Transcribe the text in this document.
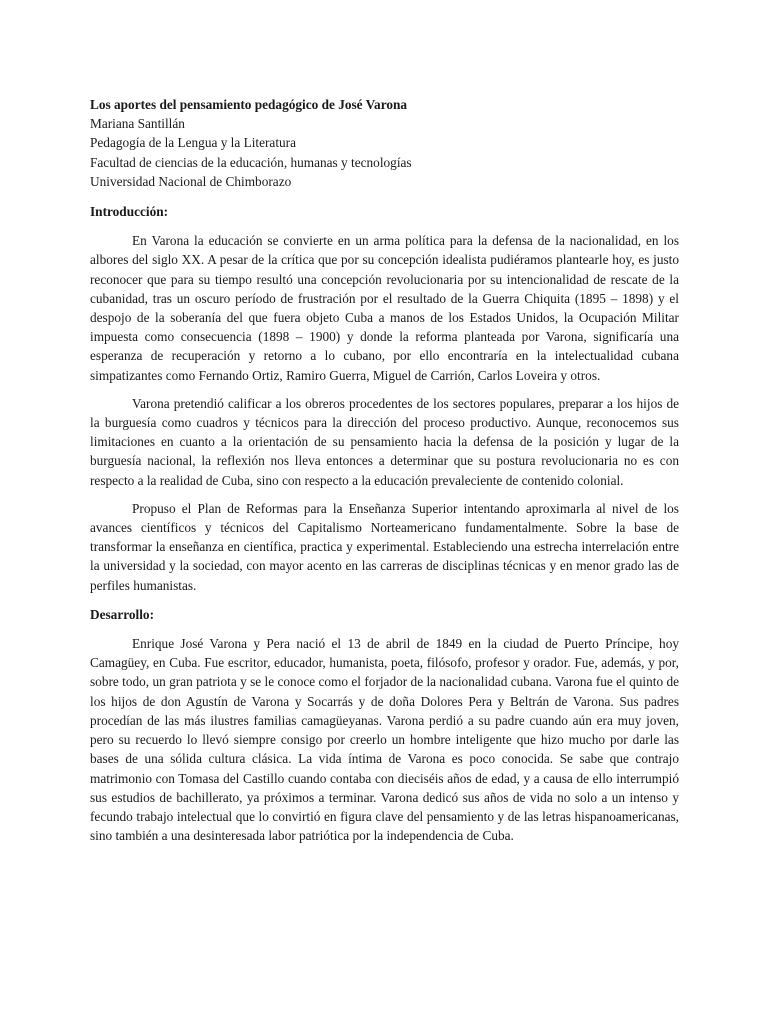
Los aportes del pensamiento pedagógico de José Varona

Mariana Santillán

Pedagogía de la Lengua y la Literatura

Facultad de ciencias de la educación, humanas y tecnologías

Universidad Nacional de Chimborazo

Introducción:

En Varona la educación se convierte en un arma política para la defensa de la nacionalidad, en los albores del siglo XX. A pesar de la crítica que por su concepción idealista pudiéramos plantearle hoy, es justo reconocer que para su tiempo resultó una concepción revolucionaria por su intencionalidad de rescate de la cubanidad, tras un oscuro período de frustración por el resultado de la Guerra Chiquita (1895 – 1898) y el despojo de la soberanía del que fuera objeto Cuba a manos de los Estados Unidos, la Ocupación Militar impuesta como consecuencia (1898 – 1900) y donde la reforma planteada por Varona, significaría una esperanza de recuperación y retorno a lo cubano, por ello encontraría en la intelectualidad cubana simpatizantes como Fernando Ortiz, Ramiro Guerra, Miguel de Carrión, Carlos Loveira y otros.

Varona pretendió calificar a los obreros procedentes de los sectores populares, preparar a los hijos de la burguesía como cuadros y técnicos para la dirección del proceso productivo. Aunque, reconocemos sus limitaciones en cuanto a la orientación de su pensamiento hacia la defensa de la posición y lugar de la burguesía nacional, la reflexión nos lleva entonces a determinar que su postura revolucionaria no es con respecto a la realidad de Cuba, sino con respecto a la educación prevaleciente de contenido colonial.

Propuso el Plan de Reformas para la Enseñanza Superior intentando aproximarla al nivel de los avances científicos y técnicos del Capitalismo Norteamericano fundamentalmente. Sobre la base de transformar la enseñanza en científica, practica y experimental. Estableciendo una estrecha interrelación entre la universidad y la sociedad, con mayor acento en las carreras de disciplinas técnicas y en menor grado las de perfiles humanistas.

Desarrollo:

Enrique José Varona y Pera nació el 13 de abril de 1849 en la ciudad de Puerto Príncipe, hoy Camagüey, en Cuba. Fue escritor, educador, humanista, poeta, filósofo, profesor y orador. Fue, además, y por, sobre todo, un gran patriota y se le conoce como el forjador de la nacionalidad cubana. Varona fue el quinto de los hijos de don Agustín de Varona y Socarrás y de doña Dolores Pera y Beltrán de Varona. Sus padres procedían de las más ilustres familias camagüeyanas. Varona perdió a su padre cuando aún era muy joven, pero su recuerdo lo llevó siempre consigo por creerlo un hombre inteligente que hizo mucho por darle las bases de una sólida cultura clásica. La vida íntima de Varona es poco conocida. Se sabe que contrajo matrimonio con Tomasa del Castillo cuando contaba con dieciséis años de edad, y a causa de ello interrumpió sus estudios de bachillerato, ya próximos a terminar. Varona dedicó sus años de vida no solo a un intenso y fecundo trabajo intelectual que lo convirtió en figura clave del pensamiento y de las letras hispanoamericanas, sino también a una desinteresada labor patriótica por la independencia de Cuba.
